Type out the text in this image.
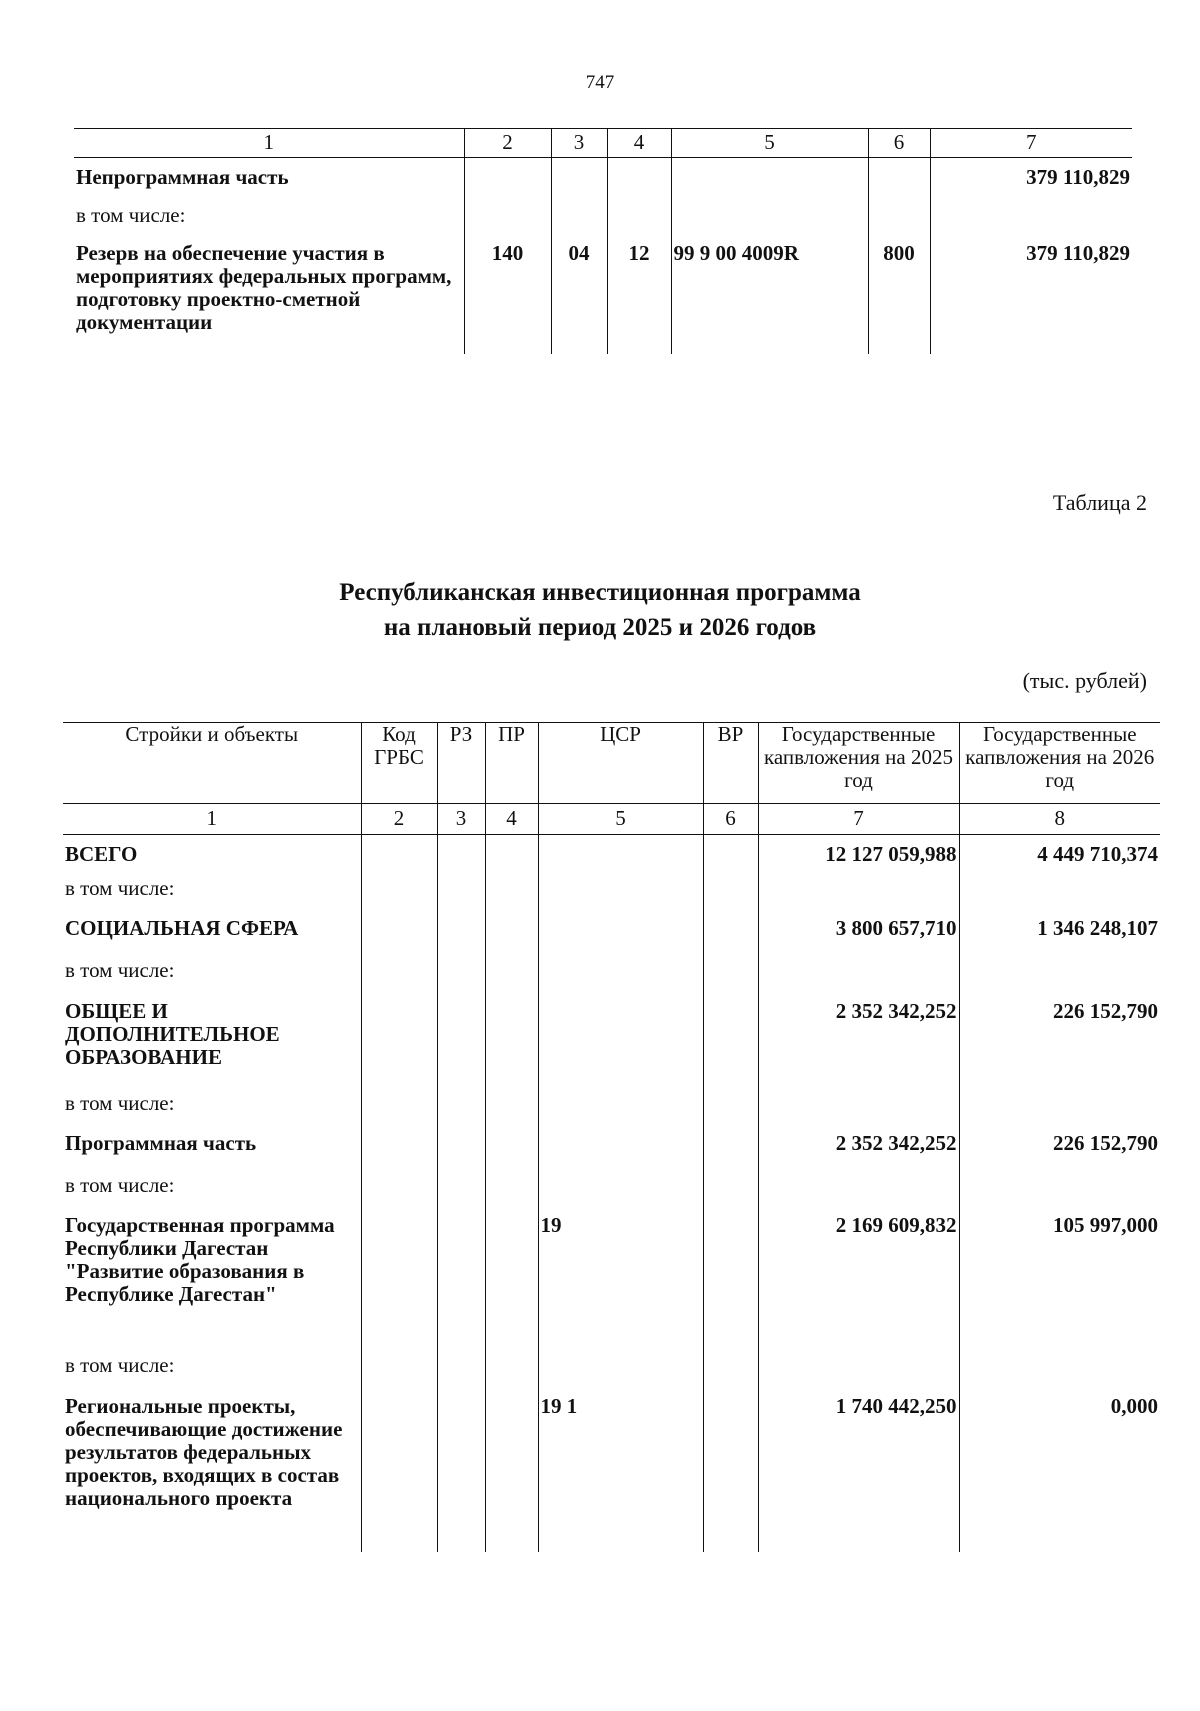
747
1	2	3	4	5	6	7
Непрограммная часть						379 110,829
в том числе:						
Резерв на обеспечение участия в мероприятиях федеральных программ, подготовку проектно-сметной документации	140	04	12	99 9 00 4009R	800	379 110,829
Таблица 2
Республиканская инвестиционная программа
на плановый период 2025 и 2026 годов
(тыс. рублей)
Стройки и объекты	Код ГРБС	РЗ	ПР	ЦСР	ВР	Государственные капвложения на 2025 год	Государственные капвложения на 2026 год
1	2	3	4	5	6	7	8
ВСЕГО						12 127 059,988	4 449 710,374
в том числе:							
СОЦИАЛЬНАЯ СФЕРА						3 800 657,710	1 346 248,107
в том числе:							
ОБЩЕЕ И ДОПОЛНИТЕЛЬНОЕ ОБРАЗОВАНИЕ						2 352 342,252	226 152,790
в том числе:							
Программная часть						2 352 342,252	226 152,790
в том числе:							
Государственная программа Республики Дагестан "Развитие образования в Республике Дагестан"				19		2 169 609,832	105 997,000
в том числе:							
Региональные проекты, обеспечивающие достижение результатов федеральных проектов, входящих в состав национального проекта				19 1		1 740 442,250	0,000
